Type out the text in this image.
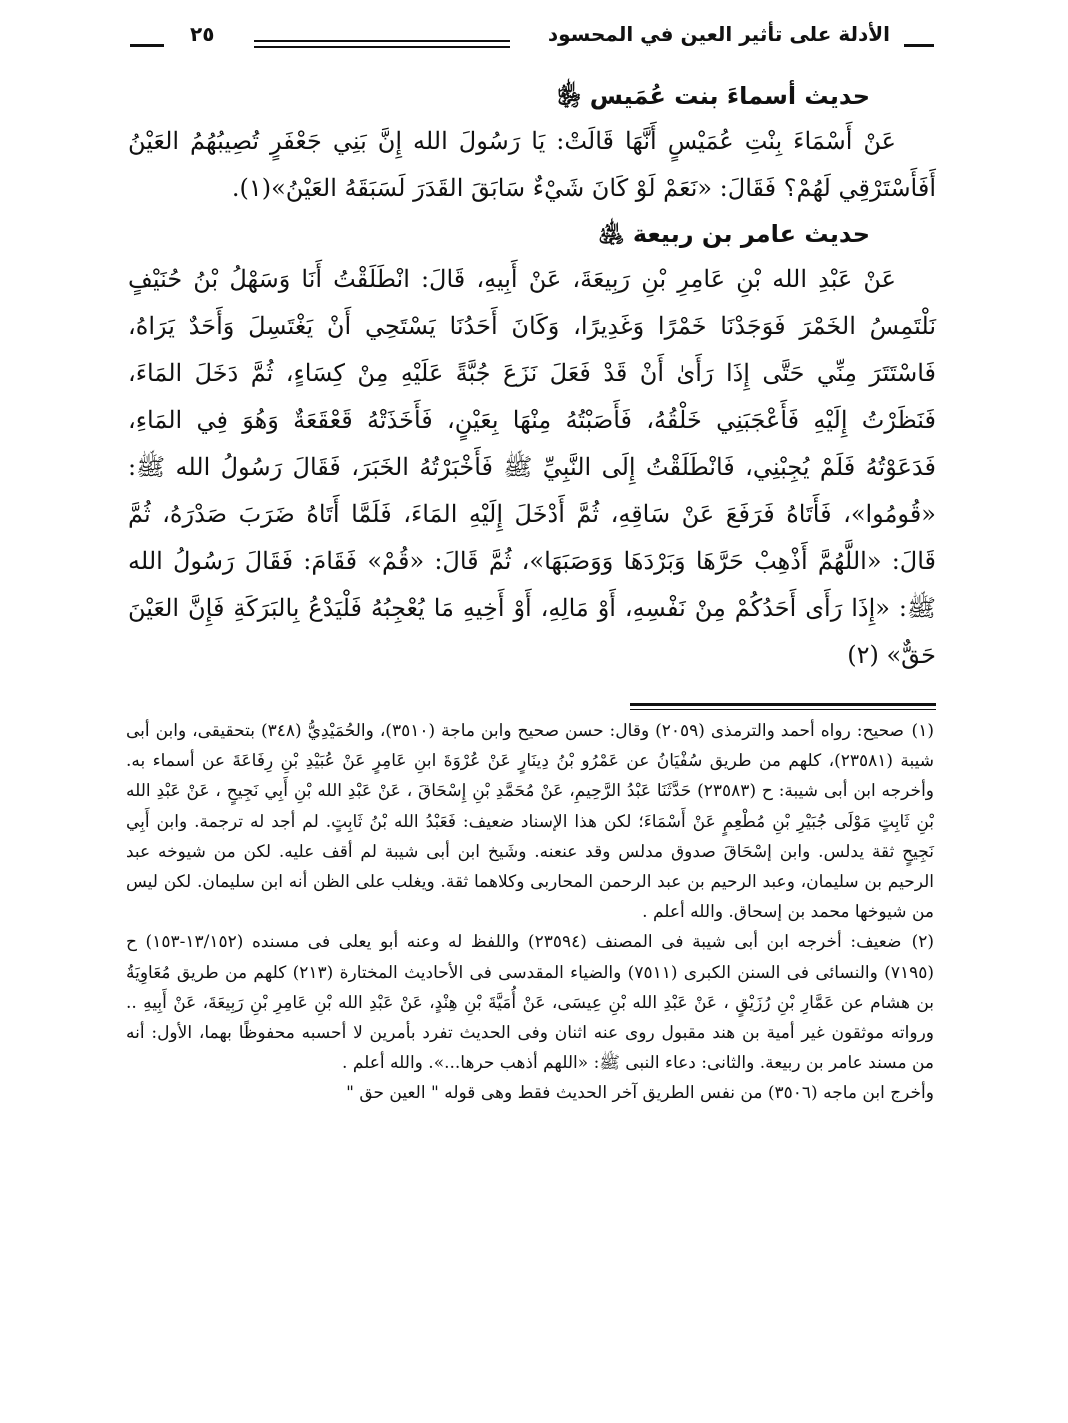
الأدلة على تأثير العين في المحسود
٢٥
حديث أسماءَ بنت عُمَيس ﵂

عَنْ أَسْمَاءَ بِنْتِ عُمَيْسٍ أَنَّهَا قَالَتْ: يَا رَسُولَ الله إِنَّ بَنِي جَعْفَرٍ تُصِيبُهُمُ العَيْنُ أَفَأَسْتَرْقِي لَهُمْ؟ فَقَالَ: «نَعَمْ لَوْ كَانَ شَيْءٌ سَابَقَ القَدَرَ لَسَبَقَهُ العَيْنُ»(١).

حديث عامر بن ربيعة ﵁

عَنْ عَبْدِ الله بْنِ عَامِرِ بْنِ رَبِيعَةَ، عَنْ أَبِيهِ، قَالَ: انْطَلَقْتُ أَنَا وَسَهْلُ بْنُ حُنَيْفٍ نَلْتَمِسُ الخَمْرَ فَوَجَدْنَا خَمْرًا وَغَدِيرًا، وَكَانَ أَحَدُنَا يَسْتَحِي أَنْ يَغْتَسِلَ وَأَحَدٌ يَرَاهُ، فَاسْتَتَرَ مِنِّي حَتَّى إِذَا رَأَىٰ أَنْ قَدْ فَعَلَ نَزَعَ جُبَّةً عَلَيْهِ مِنْ كِسَاءٍ، ثُمَّ دَخَلَ المَاءَ، فَنَظَرْتُ إِلَيْهِ فَأَعْجَبَنِي خَلْقُهُ، فَأَصَبْتُهُ مِنْهَا بِعَيْنٍ، فَأَخَذَتْهُ قَعْقَعَةٌ وَهُوَ فِي المَاءِ، فَدَعَوْتُهُ فَلَمْ يُجِبْنِي، فَانْطَلَقْتُ إِلَى النَّبِيِّ ﷺ فَأَخْبَرْتُهُ الخَبَرَ، فَقَالَ رَسُولُ الله ﷺ: «قُومُوا»، فَأَتَاهُ فَرَفَعَ عَنْ سَاقِهِ، ثُمَّ أَدْخَلَ إِلَيْهِ المَاءَ، فَلَمَّا أَتَاهُ ضَرَبَ صَدْرَهُ، ثُمَّ قَالَ: «اللَّهُمَّ أَذْهِبْ حَرَّهَا وَبَرْدَهَا وَوَصَبَهَا»، ثُمَّ قَالَ: «قُمْ» فَقَامَ: فَقَالَ رَسُولُ الله ﷺ: «إِذَا رَأَى أَحَدُكُمْ مِنْ نَفْسِهِ، أَوْ مَالِهِ، أَوْ أَخِيهِ مَا يُعْجِبُهُ فَلْيَدْعُ بِالبَرَكَةِ فَإِنَّ العَيْنَ حَقٌّ» (٢)

(١) صحيح: رواه أحمد والترمذى (٢٠٥٩) وقال: حسن صحيح وابن ماجة (٣٥١٠)، والحُمَيْدِيُّ (٣٤٨) بتحقيقى، وابن أبى شيبة (٢٣٥٨١)، كلهم من طريق سُفْيَانُ عن عَمْرُو بْنُ دِينَارٍ عَنْ عُرْوَةَ ابنِ عَامِرٍ عَنْ عُبَيْدِ بْنِ رِفَاعَةَ عن أسماء به. وأخرجه ابن أبى شيبة: ح (٢٣٥٨٣) حَدَّثَنَا عَبْدُ الرَّحِيمِ، عَنْ مُحَمَّدِ بْنِ إِسْحَاقَ ، عَنْ عَبْدِ الله بْنِ أَبِي نَجِيحٍ ، عَنْ عَبْدِ الله بْنِ ثَابِتٍ مَوْلَى جُبَيْرِ بْنِ مُطْعِمٍ عَنْ أَسْمَاءَ؛ لكن هذا الإسناد ضعيف: فَعَبْدُ الله بْنُ ثَابِتٍ. لم أجد له ترجمة. وابن أَبِي نَجِيحٍ ثقة يدلس. وابن إسْحَاقَ صدوق مدلس وقد عنعنه. وشَيخ ابن أبى شيبة لم أقف عليه. لكن من شيوخه عبد الرحيم بن سليمان، وعبد الرحيم بن عبد الرحمن المحاربى وكلاهما ثقة. ويغلب على الظن أنه ابن سليمان. لكن ليس من شيوخها محمد بن إسحاق. والله أعلم .

(٢) ضعيف: أخرجه ابن أبى شيبة فى المصنف (٢٣٥٩٤) واللفظ له وعنه أبو يعلى فى مسنده (١٣/١٥٢-١٥٣) ح (٧١٩٥) والنسائى فى السنن الكبرى (٧٥١١) والضياء المقدسى فى الأحاديث المختارة (٢١٣) كلهم من طريق مُعَاوِيَةُ بن هشام عن عَمَّارِ بْنِ رُزَيْقٍ ، عَنْ عَبْدِ الله بْنِ عِيسَى، عَنْ أُمَيَّةَ بْنِ هِنْدٍ، عَنْ عَبْدِ الله بْنِ عَامِرِ بْنِ رَبِيعَةَ، عَنْ أَبِيهِ .. ورواته موثقون غير أمية بن هند مقبول روى عنه اثنان وفى الحديث تفرد بأمرين لا أحسبه محفوظًا بهما، الأول: أنه من مسند عامر بن ربيعة. والثانى: دعاء النبى ﷺ: «اللهم أذهب حرها...». والله أعلم .

وأخرج ابن ماجه (٣٥٠٦) من نفس الطريق آخر الحديث فقط وهى قوله " العين حق "
